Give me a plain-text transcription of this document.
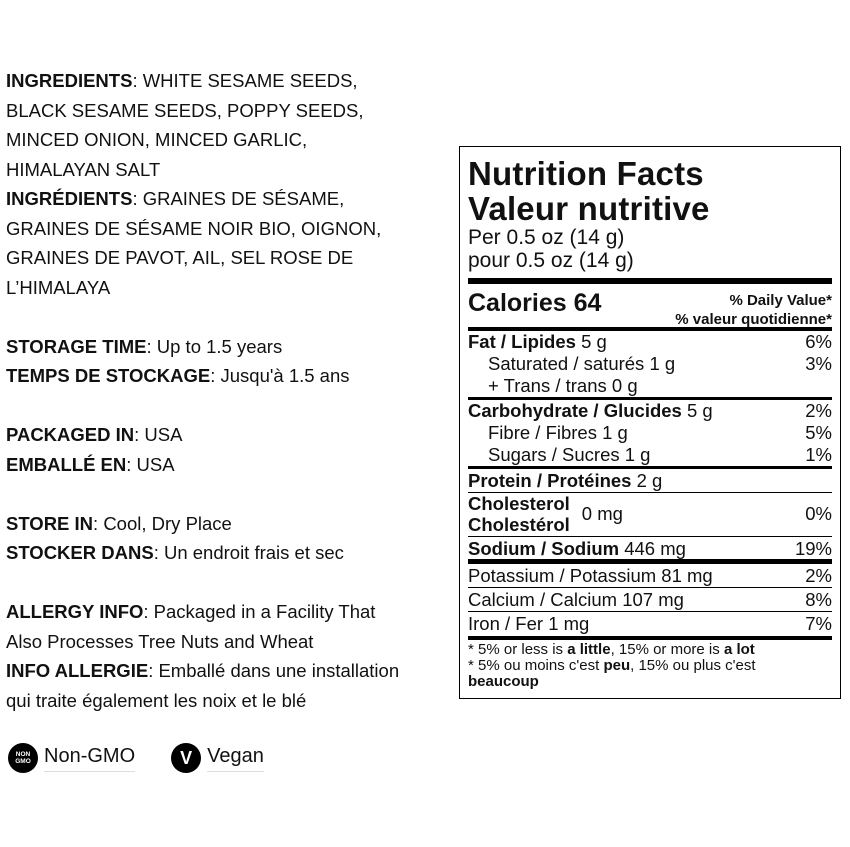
INGREDIENTS: WHITE SESAME SEEDS,
BLACK SESAME SEEDS, POPPY SEEDS,
MINCED ONION, MINCED GARLIC,
HIMALAYAN SALT
INGRÉDIENTS: GRAINES DE SÉSAME,
GRAINES DE SÉSAME NOIR BIO, OIGNON,
GRAINES DE PAVOT, AIL, SEL ROSE DE
L’HIMALAYA
STORAGE TIME: Up to 1.5 years
TEMPS DE STOCKAGE: Jusqu'à 1.5 ans
PACKAGED IN: USA
EMBALLÉ EN: USA
STORE IN: Cool, Dry Place
STOCKER DANS: Un endroit frais et sec
ALLERGY INFO: Packaged in a Facility That
Also Processes Tree Nuts and Wheat
INFO ALLERGIE: Emballé dans une installation
qui traite également les noix et le blé
NON
GMO Non-GMO	V Vegan
Nutrition Facts
Valeur nutritive
Per 0.5 oz (14 g)
pour 0.5 oz (14 g)
Calories 64	% Daily Value*
% valeur quotidienne*
Fat / Lipides 5 g	6%
Saturated / saturés 1 g	3%
+ Trans / trans 0 g
Carbohydrate / Glucides 5 g	2%
Fibre / Fibres 1 g	5%
Sugars / Sucres 1 g	1%
Protein / Protéines 2 g
Cholesterol
Cholestérol
0 mg	0%
Sodium / Sodium 446 mg	19%
Potassium / Potassium 81 mg	2%
Calcium / Calcium 107 mg	8%
Iron / Fer 1 mg	7%
* 5% or less is a little, 15% or more is a lot
* 5% ou moins c'est peu, 15% ou plus c'est
beaucoup
